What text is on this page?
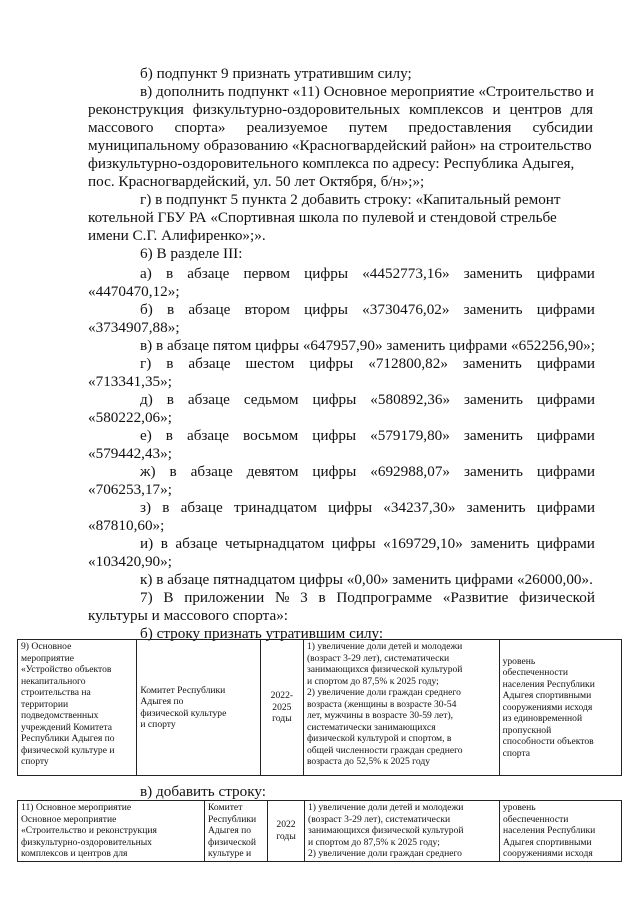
б) подпункт 9 признать утратившим силу;
в) дополнить подпункт «11) Основное мероприятие «Строительство и
реконструкция физкультурно-оздоровительных комплексов и центров для
массового спорта» реализуемое путем предоставления субсидии
муниципальному образованию «Красногвардейский район» на строительство
физкультурно-оздоровительного комплекса по адресу: Республика Адыгея,
пос. Красногвардейский, ул. 50 лет Октября, б/н»;»;
г) в подпункт 5 пункта 2 добавить строку: «Капитальный ремонт
котельной ГБУ РА «Спортивная школа по пулевой и стендовой стрельбе
имени С.Г. Алифиренко»;».
6) В разделе III:
а) в абзаце первом цифры «4452773,16» заменить цифрами
«4470470,12»;
б) в абзаце втором цифры «3730476,02» заменить цифрами
«3734907,88»;
в) в абзаце пятом цифры «647957,90» заменить цифрами «652256,90»;
г) в абзаце шестом цифры «712800,82» заменить цифрами
«713341,35»;
д) в абзаце седьмом цифры «580892,36» заменить цифрами
«580222,06»;
е) в абзаце восьмом цифры «579179,80» заменить цифрами
«579442,43»;
ж) в абзаце девятом цифры «692988,07» заменить цифрами
«706253,17»;
з) в абзаце тринадцатом цифры «34237,30» заменить цифрами
«87810,60»;
и) в абзаце четырнадцатом цифры «169729,10» заменить цифрами
«103420,90»;
к) в абзаце пятнадцатом цифры «0,00» заменить цифрами «26000,00».
7) В приложении № 3 в Подпрограмме «Развитие физической
культуры и массового спорта»:
б) строку признать утратившим силу:
9) Основное
мероприятие
«Устройство объектов
некапитального
строительства на
территории
подведомственных
учреждений Комитета
Республики Адыгея по
физической культуре и
спорту	Комитет Республики
Адыгея по
физической культуре
и спорту	2022-
2025
годы	1) увеличение доли детей и молодежи
(возраст 3-29 лет), систематически
занимающихся физической культурой
и спортом до 87,5% к 2025 году;
2) увеличение доли граждан среднего
возраста (женщины в возрасте 30-54
лет, мужчины в возрасте 30-59 лет),
систематически занимающихся
физической культурой и спортом, в
общей численности граждан среднего
возраста до 52,5% к 2025 году	уровень
обеспеченности
населения Республики
Адыгея спортивными
сооружениями исходя
из единовременной
пропускной
способности объектов
спорта
в) добавить строку:
11) Основное мероприятие
Основное мероприятие
«Строительство и реконструкция
физкультурно-оздоровительных
комплексов и центров для	Комитет
Республики
Адыгея по
физической
культуре и	2022
годы	1) увеличение доли детей и молодежи
(возраст 3-29 лет), систематически
занимающихся физической культурой
и спортом до 87,5% к 2025 году;
2) увеличение доли граждан среднего	уровень
обеспеченности
населения Республики
Адыгея спортивными
сооружениями исходя
